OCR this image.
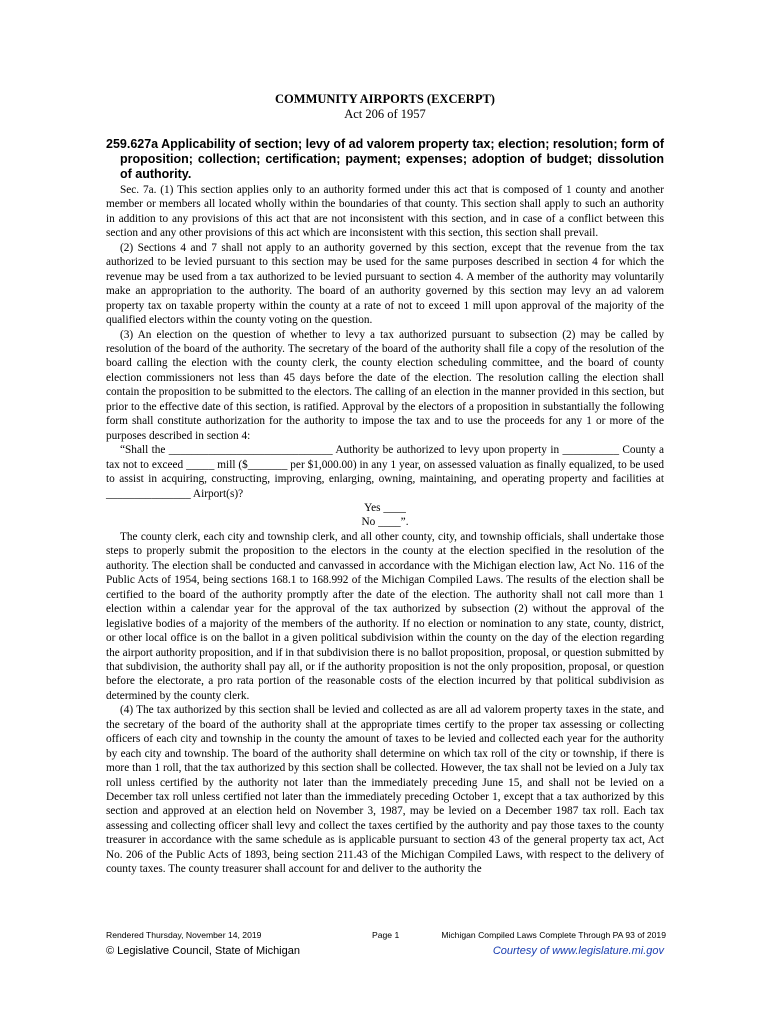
COMMUNITY AIRPORTS (EXCERPT)
Act 206 of 1957
259.627a Applicability of section; levy of ad valorem property tax; election; resolution; form of proposition; collection; certification; payment; expenses; adoption of budget; dissolution of authority.

Sec. 7a. (1) This section applies only to an authority formed under this act that is composed of 1 county and another member or members all located wholly within the boundaries of that county. This section shall apply to such an authority in addition to any provisions of this act that are not inconsistent with this section, and in case of a conflict between this section and any other provisions of this act which are inconsistent with this section, this section shall prevail.

(2) Sections 4 and 7 shall not apply to an authority governed by this section, except that the revenue from the tax authorized to be levied pursuant to this section may be used for the same purposes described in section 4 for which the revenue may be used from a tax authorized to be levied pursuant to section 4. A member of the authority may voluntarily make an appropriation to the authority. The board of an authority governed by this section may levy an ad valorem property tax on taxable property within the county at a rate of not to exceed 1 mill upon approval of the majority of the qualified electors within the county voting on the question.

(3) An election on the question of whether to levy a tax authorized pursuant to subsection (2) may be called by resolution of the board of the authority. The secretary of the board of the authority shall file a copy of the resolution of the board calling the election with the county clerk, the county election scheduling committee, and the board of county election commissioners not less than 45 days before the date of the election. The resolution calling the election shall contain the proposition to be submitted to the electors. The calling of an election in the manner provided in this section, but prior to the effective date of this section, is ratified. Approval by the electors of a proposition in substantially the following form shall constitute authorization for the authority to impose the tax and to use the proceeds for any 1 or more of the purposes described in section 4:

“Shall the _____________________________ Authority be authorized to levy upon property in __________ County a tax not to exceed _____ mill ($_______ per $1,000.00) in any 1 year, on assessed valuation as finally equalized, to be used to assist in acquiring, constructing, improving, enlarging, owning, maintaining, and operating property and facilities at _______________ Airport(s)?

Yes ____

No ____”.

The county clerk, each city and township clerk, and all other county, city, and township officials, shall undertake those steps to properly submit the proposition to the electors in the county at the election specified in the resolution of the authority. The election shall be conducted and canvassed in accordance with the Michigan election law, Act No. 116 of the Public Acts of 1954, being sections 168.1 to 168.992 of the Michigan Compiled Laws. The results of the election shall be certified to the board of the authority promptly after the date of the election. The authority shall not call more than 1 election within a calendar year for the approval of the tax authorized by subsection (2) without the approval of the legislative bodies of a majority of the members of the authority. If no election or nomination to any state, county, district, or other local office is on the ballot in a given political subdivision within the county on the day of the election regarding the airport authority proposition, and if in that subdivision there is no ballot proposition, proposal, or question submitted by that subdivision, the authority shall pay all, or if the authority proposition is not the only proposition, proposal, or question before the electorate, a pro rata portion of the reasonable costs of the election incurred by that political subdivision as determined by the county clerk.

(4) The tax authorized by this section shall be levied and collected as are all ad valorem property taxes in the state, and the secretary of the board of the authority shall at the appropriate times certify to the proper tax assessing or collecting officers of each city and township in the county the amount of taxes to be levied and collected each year for the authority by each city and township. The board of the authority shall determine on which tax roll of the city or township, if there is more than 1 roll, that the tax authorized by this section shall be collected. However, the tax shall not be levied on a July tax roll unless certified by the authority not later than the immediately preceding June 15, and shall not be levied on a December tax roll unless certified not later than the immediately preceding October 1, except that a tax authorized by this section and approved at an election held on November 3, 1987, may be levied on a December 1987 tax roll. Each tax assessing and collecting officer shall levy and collect the taxes certified by the authority and pay those taxes to the county treasurer in accordance with the same schedule as is applicable pursuant to section 43 of the general property tax act, Act No. 206 of the Public Acts of 1893, being section 211.43 of the Michigan Compiled Laws, with respect to the delivery of county taxes. The county treasurer shall account for and deliver to the authority the

Rendered Thursday, November 14, 2019	Page 1	Michigan Compiled Laws Complete Through PA 93 of 2019
© Legislative Council, State of Michigan	Courtesy of www.legislature.mi.gov
